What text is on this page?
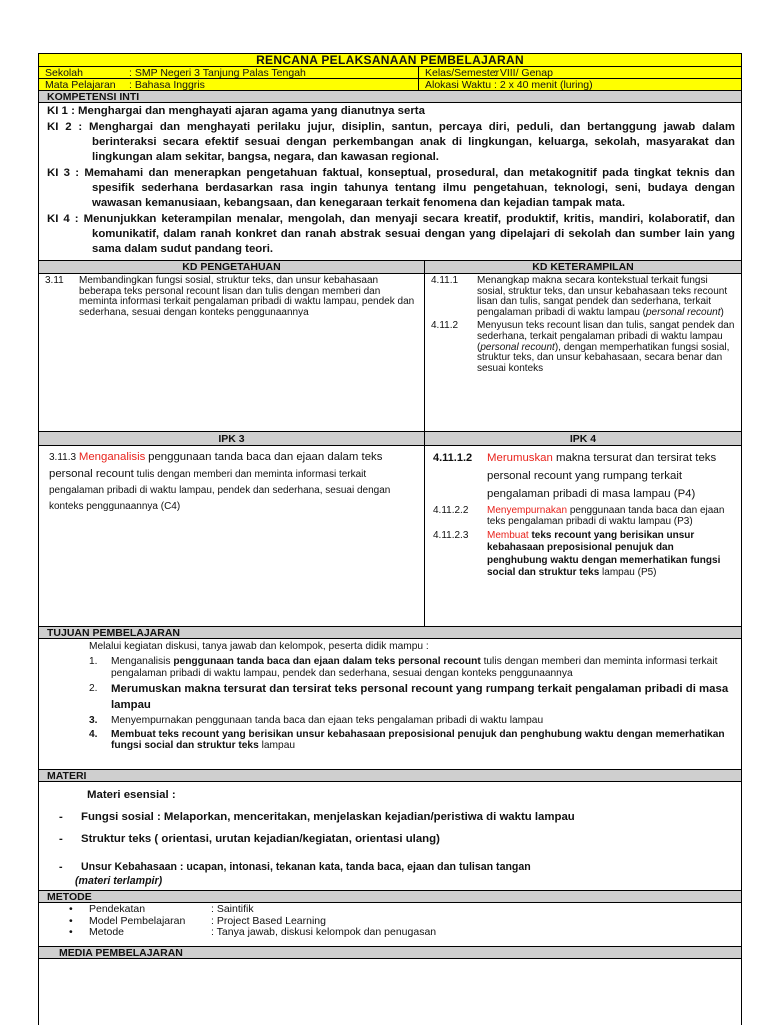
RENCANA PELAKSANAAN PEMBELAJARAN
Sekolah	: SMP Negeri 3 Tanjung Palas Tengah	Kelas/Semester: VIII/ Genap
Mata Pelajaran : Bahasa Inggris	Alokasi Waktu : 2 x 40 menit (luring)
KOMPETENSI INTI

KI 1 : Menghargai dan menghayati ajaran agama yang dianutnya serta

KI 2 : Menghargai dan menghayati perilaku jujur, disiplin, santun, percaya diri, peduli, dan bertanggung jawab dalam berinteraksi secara efektif sesuai dengan perkembangan anak di lingkungan, keluarga, sekolah, masyarakat dan lingkungan alam sekitar, bangsa, negara, dan kawasan regional.

KI 3 : Memahami dan menerapkan pengetahuan faktual, konseptual, prosedural, dan metakognitif pada tingkat teknis dan spesifik sederhana berdasarkan rasa ingin tahunya tentang ilmu pengetahuan, teknologi, seni, budaya dengan wawasan kemanusiaan, kebangsaan, dan kenegaraan terkait fenomena dan kejadian tampak mata.

KI 4 : Menunjukkan keterampilan menalar, mengolah, dan menyaji secara kreatif, produktif, kritis, mandiri, kolaboratif, dan komunikatif, dalam ranah konkret dan ranah abstrak sesuai dengan yang dipelajari di sekolah dan sumber lain yang sama dalam sudut pandang teori.

KD PENGETAHUAN	KD KETERAMPILAN
3.11	Membandingkan fungsi sosial, struktur teks, dan unsur kebahasaan beberapa teks personal recount lisan dan tulis dengan memberi dan meminta informasi terkait pengalaman pribadi di waktu lampau, pendek dan sederhana, sesuai dengan konteks penggunaannya
4.11.1	Menangkap makna secara kontekstual terkait fungsi sosial, struktur teks, dan unsur kebahasaan teks recount lisan dan tulis, sangat pendek dan sederhana, terkait pengalaman pribadi di waktu lampau (personal recount)
4.11.2	Menyusun teks recount lisan dan tulis, sangat pendek dan sederhana, terkait pengalaman pribadi di waktu lampau (personal recount), dengan memperhatikan fungsi sosial, struktur teks, dan unsur kebahasaan, secara benar dan sesuai konteks
IPK 3	IPK 4
3.11.3 Menganalisis penggunaan tanda baca dan ejaan dalam teks personal recount tulis dengan memberi dan meminta informasi terkait pengalaman pribadi di waktu lampau, pendek dan sederhana, sesuai dengan konteks penggunaannya (C4)
4.11.1.2	Merumuskan makna tersurat dan tersirat teks personal recount yang rumpang terkait pengalaman pribadi di masa lampau (P4)
4.11.2.2	Menyempurnakan penggunaan tanda baca dan ejaan teks pengalaman pribadi di waktu lampau (P3)
4.11.2.3	Membuat teks recount yang berisikan unsur kebahasaan preposisional penujuk dan penghubung waktu dengan memerhatikan fungsi social dan struktur teks lampau (P5)
TUJUAN PEMBELAJARAN
Melalui kegiatan diskusi, tanya jawab dan kelompok, peserta didik mampu :
1.	Menganalisis penggunaan tanda baca dan ejaan dalam teks personal recount tulis dengan memberi dan meminta informasi terkait pengalaman pribadi di waktu lampau, pendek dan sederhana, sesuai dengan konteks penggunaannya
2.	Merumuskan makna tersurat dan tersirat teks personal recount yang rumpang terkait pengalaman pribadi di masa lampau
3.	Menyempurnakan penggunaan tanda baca dan ejaan teks pengalaman pribadi di waktu lampau
4.	Membuat teks recount yang berisikan unsur kebahasaan preposisional penujuk dan penghubung waktu dengan memerhatikan fungsi social dan struktur teks lampau
MATERI
Materi esensial :
-	Fungsi sosial : Melaporkan, menceritakan, menjelaskan kejadian/peristiwa di waktu lampau
-	Struktur teks ( orientasi, urutan kejadian/kegiatan, orientasi ulang)
-	Unsur Kebahasaan : ucapan, intonasi, tekanan kata, tanda baca, ejaan dan tulisan tangan
(materi terlampir)
METODE
•	Pendekatan	: Saintifik
•	Model Pembelajaran	: Project Based Learning
•	Metode	: Tanya jawab, diskusi kelompok dan penugasan
MEDIA PEMBELAJARAN
